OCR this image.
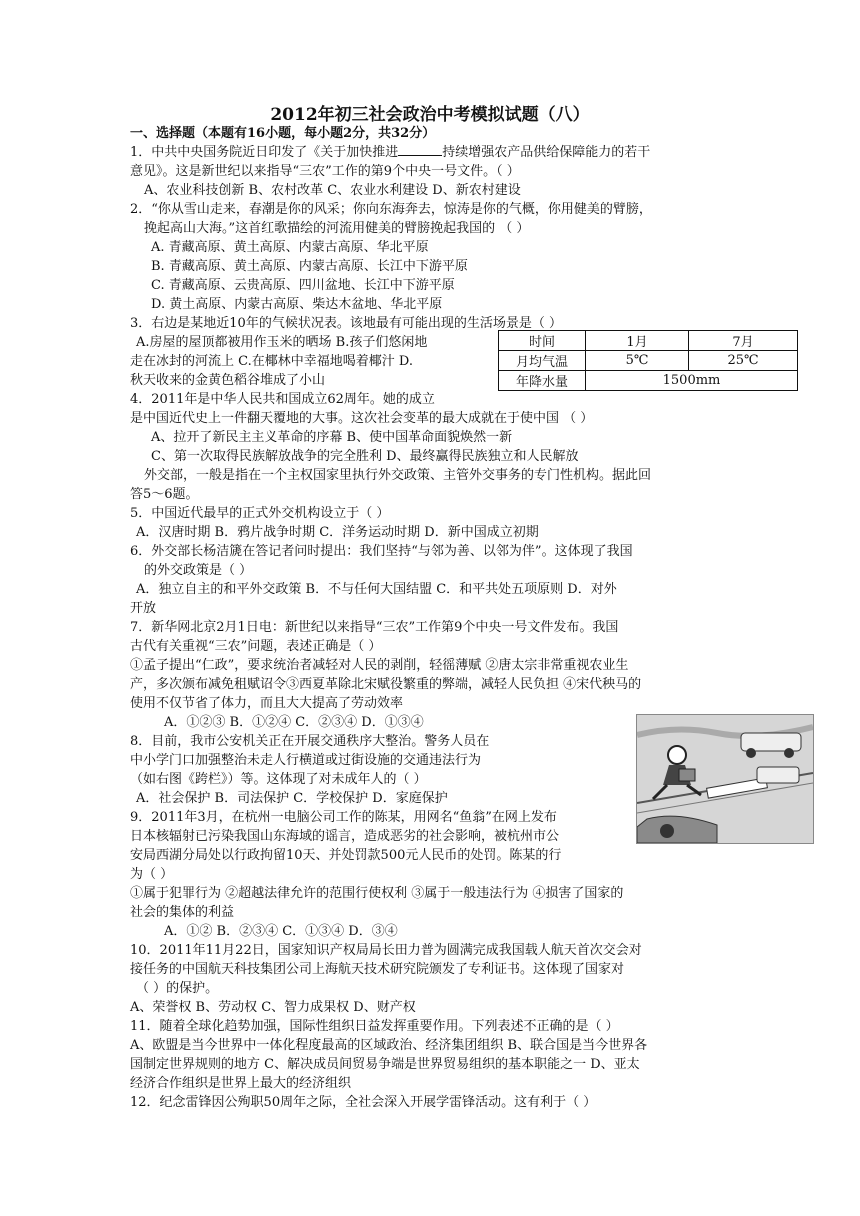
2012年初三社会政治中考模拟试题（八）
一、选择题（本题有16小题，每小题2分，共32分）
1．中共中央国务院近日印发了《关于加快推进	持续增强农产品供给保障能力的若干
意见》。这是新世纪以来指导“三农”工作的第9个中央一号文件。（ ）
A、农业科技创新 B、农村改革 C、农业水利建设 D、新农村建设
2．“你从雪山走来，春潮是你的风采；你向东海奔去，惊涛是你的气概，你用健美的臂膀，
挽起高山大海。”这首红歌描绘的河流用健美的臂膀挽起我国的 （ ）
A. 青藏高原、黄土高原、内蒙古高原、华北平原
B. 青藏高原、黄土高原、内蒙古高原、长江中下游平原
C. 青藏高原、云贵高原、四川盆地、长江中下游平原
D. 黄土高原、内蒙古高原、柴达木盆地、华北平原
3．右边是某地近10年的气候状况表。该地最有可能出现的生活场景是（ ）
A.房屋的屋顶都被用作玉米的晒场 B.孩子们悠闲地
走在冰封的河流上 C.在椰林中幸福地喝着椰汁 D.
秋天收来的金黄色稻谷堆成了小山
时间	1月	7月
月均气温	5℃	25℃
年降水量	1500mm	
4．2011年是中华人民共和国成立62周年。她的成立
是中国近代史上一件翻天覆地的大事。这次社会变革的最大成就在于使中国 （ ）
A、拉开了新民主主义革命的序幕 B、使中国革命面貌焕然一新
C、第一次取得民族解放战争的完全胜利 D、最终赢得民族独立和人民解放
外交部，一般是指在一个主权国家里执行外交政策、主管外交事务的专门性机构。据此回
答5～6题。
5．中国近代最早的正式外交机构设立于（ ）
A．汉唐时期 B．鸦片战争时期 C．洋务运动时期 D．新中国成立初期
6．外交部长杨洁篪在答记者问时提出：我们坚持“与邻为善、以邻为伴”。这体现了我国
的外交政策是（ ）
A．独立自主的和平外交政策 B．不与任何大国结盟 C．和平共处五项原则 D．对外
开放
7．新华网北京2月1日电：新世纪以来指导“三农”工作第9个中央一号文件发布。我国
古代有关重视“三农”问题，表述正确是（ ）
①孟子提出“仁政”，要求统治者减轻对人民的剥削，轻徭薄赋 ②唐太宗非常重视农业生
产，多次颁布减免租赋诏令③西夏革除北宋赋役繁重的弊端，减轻人民负担 ④宋代秧马的
使用不仅节省了体力，而且大大提高了劳动效率
A．①②③ B．①②④ C．②③④ D．①③④
8．目前，我市公安机关正在开展交通秩序大整治。警务人员在
中小学门口加强整治未走人行横道或过街设施的交通违法行为
（如右图《跨栏》）等。这体现了对未成年人的（ ）
A．社会保护 B．司法保护 C．学校保护 D．家庭保护
9．2011年3月，在杭州一电脑公司工作的陈某，用网名“鱼翁”在网上发布
日本核辐射已污染我国山东海域的谣言，造成恶劣的社会影响，被杭州市公
安局西湖分局处以行政拘留10天、并处罚款500元人民币的处罚。陈某的行
为（ ）
①属于犯罪行为 ②超越法律允许的范围行使权利 ③属于一般违法行为 ④损害了国家的
社会的集体的利益
A．①② B．②③④ C．①③④ D．③④
10．2011年11月22日，国家知识产权局局长田力普为圆满完成我国载人航天首次交会对
接任务的中国航天科技集团公司上海航天技术研究院颁发了专利证书。这体现了国家对
（ ）的保护。
A、荣誉权 B、劳动权 C、智力成果权 D、财产权
11．随着全球化趋势加强，国际性组织日益发挥重要作用。下列表述不正确的是（ ）
A、欧盟是当今世界中一体化程度最高的区域政治、经济集团组织 B、联合国是当今世界各
国制定世界规则的地方 C、解决成员间贸易争端是世界贸易组织的基本职能之一 D、亚太
经济合作组织是世界上最大的经济组织
12．纪念雷锋因公殉职50周年之际，全社会深入开展学雷锋活动。这有利于（ ）
